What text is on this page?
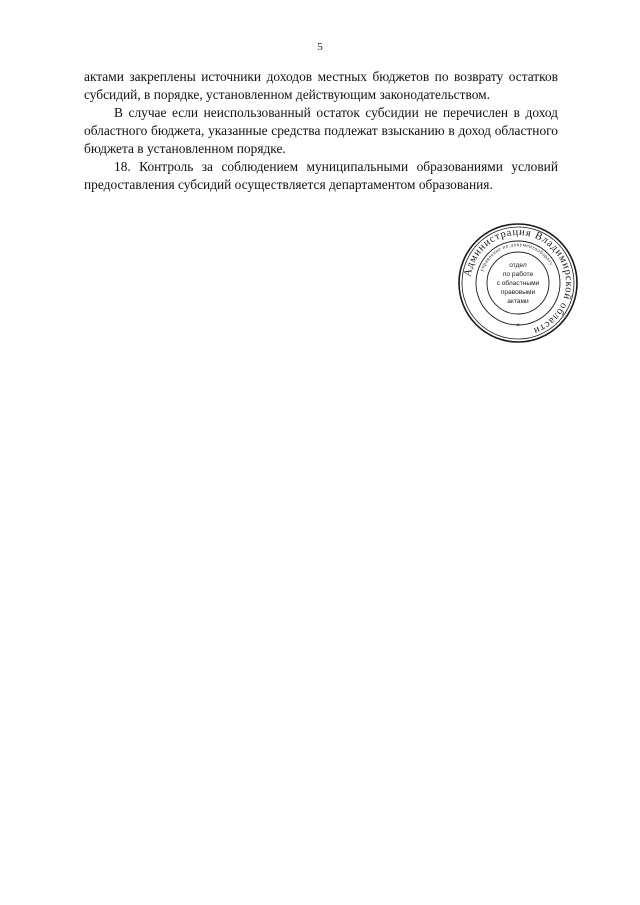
5

актами закреплены источники доходов местных бюджетов по возврату остатков субсидий, в порядке, установленном действующим законодательством.

В случае если неиспользованный остаток субсидии не перечислен в доход областного бюджета, указанные средства подлежат взысканию в доход областного бюджета в установленном порядке.

18. Контроль за соблюдением муниципальными образованиями условий предоставления субсидий осуществляется департаментом образования.

Администрация Владимирской области
управление по документообороту
отдел
по работе
с областными
правовыми
актами
*
